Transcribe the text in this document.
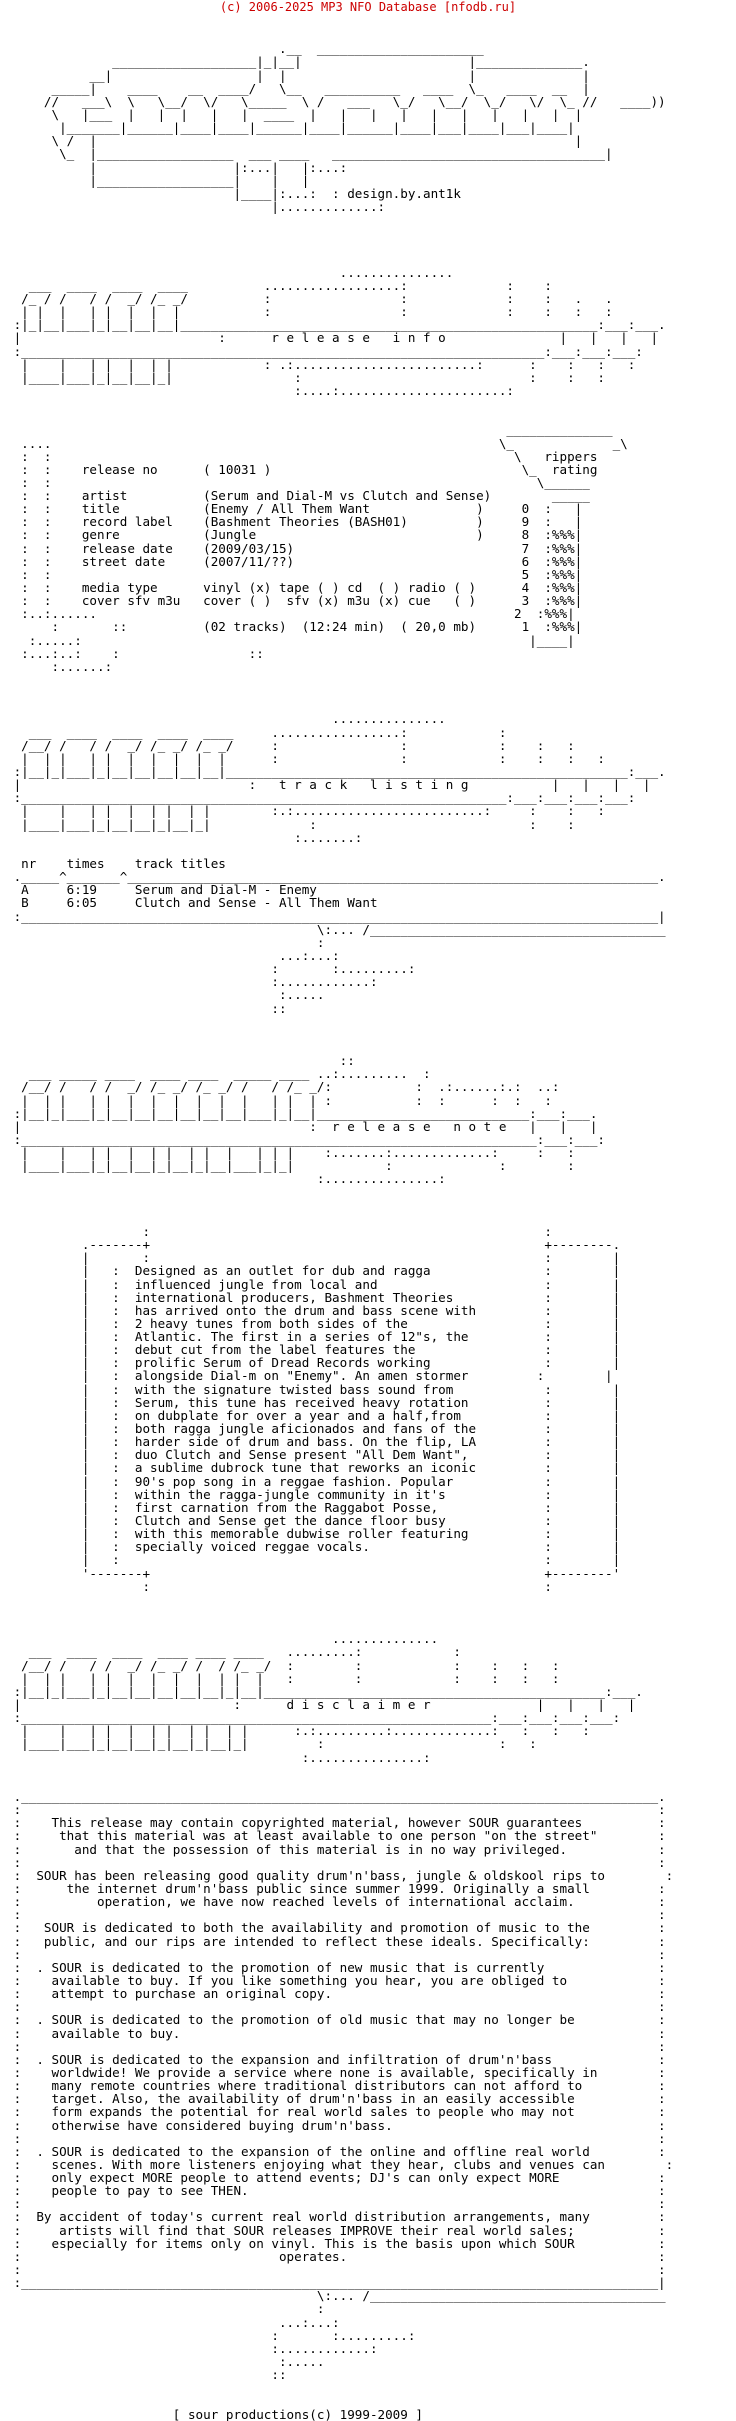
(c) 2006-2025 MP3 NFO Database [nfodb.ru]

.__  ______________________
___________________|_|__|                      |______________.
__|                   |  |                        |              |
_____|    ____    __  ____/   \__   __________   ____  \_   ____  __  |
//   ___\  \   \__/  \/   \_____  \ /   ___   \_/   \__/  \_/   \/  \_ //   ____))
\   |___  |   |  |   |   |  ____  |   |   |   |   |   |   |   |   |  |
|_______|______|____|____|______|____|______|____|___|____|___|____|
\ /  |                                                               |
\_  |__________________  ___ ____   ____________________________________|
|                  |:...|   |:...:
|__________________|    |   |
|____|:...:  : design.by.ant1k
|.............:

...............
___  ____  ____  ____          ..................:             :    :
/_ / /   / /  _/ /_ _/          :                 :             :    :   .   .
| |  |   | |  |  |  |           :                 :             :    :   :   :
:|_|__|___|_|__|__|__|_______________________________________________________:___:___.
|                          :      r e l e a s e   i n f o               |   |   |   |
:_____________________________________________________________________:___:___:___:
|    |   | |  |  | |            : .:........................:      :    :   :   :
|____|___|_|__|__|_|                :                              :    :   :
:....:......................:

______________
....                                                           \_             _\
:  :                                                             \   rippers
:  :    release no      ( 10031 )                                 \_  rating
:  :                                                                \______
:  :    artist          (Serum and Dial-M vs Clutch and Sense)        _____
:  :    title           (Enemy / All Them Want              )     0  :   |
:  :    record label    (Bashment Theories (BASH01)         )     9  :   |
:  :    genre           (Jungle                             )     8  :%%%|
:  :    release date    (2009/03/15)                              7  :%%%|
:  :    street date     (2007/11/??)                              6  :%%%|
:  :                                                              5  :%%%|
:  :    media type      vinyl (x) tape ( ) cd  ( ) radio ( )      4  :%%%|
:  :    cover sfv m3u   cover ( )  sfv (x) m3u (x) cue   ( )      3  :%%%|
:..:......                                                       2  :%%%|
:       ::          (02 tracks)  (12:24 min)  ( 20,0 mb)      1  :%%%|
:.....:                                                           |____|
:...:..:    :                 ::
:......:

...............
___  ____  ____  ____  ____     .................:            :
/__/ /   / /  _/ /_ _/ /_ _/     :                :            :    :   :
|  | |   | |  |  |  |  |  |      :                :            :    :   :   :
:|__|_|___|_|__|__|__|__|__|_____________________________________________________:___.
|                              :   t r a c k   l i s t i n g           |   |   |   |
:________________________________________________________________:___:___:___:___:
|    |   | |  |  | |  | |        :.:.........................:     :    :   :
|____|___|_|__|__|_|__|_|             :                            :    :
:.......:

nr    times    track titles
._____^_______^______________________________________________________________________.
A     6:19     Serum and Dial-M - Enemy
B     6:05     Clutch and Sense - All Them Want
:____________________________________________________________________________________|
\:... /_______________________________________
:
...:...:
:       :.........:
:............:
:.....
::

::
___ _____ ____  ____ ____  _____ ____ ..:.........  :
/__/ /   / /  _/ /_ _/ /_ _/ /   / /_ _/:           :  .:......:.:  ..:
|  | |   | |  |  |  |  |  |  |   | |  | :           :  :      :  :   :
:|__|_|___|_|__|__|__|__|__|__|___|_|__|____________________________:___:___.
|                                      :  r e l e a s e   n o t e   |   |   |
:____________________________________________________________________:___:___:
|    |   | |  |  | |  | |  |   | | |    :.......:.............:     :   :
|____|___|_|__|__|_|__|_|__|___|_|_|            :              :        :
:...............:

:                                                    :
.-------+                                                    +--------.
|       :                                                    :        |
|   :  Designed as an outlet for dub and ragga               :        |
|   :  influenced jungle from local and                      :        |
|   :  international producers, Bashment Theories            :        |
|   :  has arrived onto the drum and bass scene with         :        |
|   :  2 heavy tunes from both sides of the                  :        |
|   :  Atlantic. The first in a series of 12"s, the          :        |
|   :  debut cut from the label features the                 :        |
|   :  prolific Serum of Dread Records working               :        |
|   :  alongside Dial-m on "Enemy". An amen stormer         :        |
|   :  with the signature twisted bass sound from            :        |
|   :  Serum, this tune has received heavy rotation          :        |
|   :  on dubplate for over a year and a half,from           :        |
|   :  both ragga jungle aficionados and fans of the         :        |
|   :  harder side of drum and bass. On the flip, LA         :        |
|   :  duo Clutch and Sense present "All Dem Want",          :        |
|   :  a sublime dubrock tune that reworks an iconic         :        |
|   :  90's pop song in a reggae fashion. Popular            :        |
|   :  within the ragga-jungle community in it's             :        |
|   :  first carnation from the Raggabot Posse,              :        |
|   :  Clutch and Sense get the dance floor busy             :        |
|   :  with this memorable dubwise roller featuring          :        |
|   :  specially voiced reggae vocals.                       :        |
|   :                                                        :        |
'-------+                                                    +--------'
:                                                    :

..............
___  ____  ____  ____ ____ ____   .........:            :
/__/ /   / /  _/ /_ _/ /  / /_ _/  :        :            :    :   :   :
|  | |   | |  |  |  |  |  | |  |   :        :            :    :   :   :
:|__|_|___|_|__|__|__|__|__|_|__|_____________________________________________:___.
|                            :      d i s c l a i m e r              |   |   |   |
:______________________________________________________________:___:___:___:___:
|    |   | |  |  | |  | |  | |      :.:.........:.............:   :   :   :
|____|___|_|__|__|_|__|_|__|_|         :                       :   :
:...............:

.____________________________________________________________________________________.
:                                                                                    :
:    This release may contain copyrighted material, however SOUR guarantees          :
:     that this material was at least available to one person "on the street"        :
:       and that the possession of this material is in no way privileged.            :
:                                                                                    :
:  SOUR has been releasing good quality drum'n'bass, jungle & oldskool rips to        :
:      the internet drum'n'bass public since summer 1999. Originally a small         :
:          operation, we have now reached levels of international acclaim.           :
:                                                                                    :
:   SOUR is dedicated to both the availability and promotion of music to the         :
:   public, and our rips are intended to reflect these ideals. Specifically:         :
:                                                                                    :
:  . SOUR is dedicated to the promotion of new music that is currently               :
:    available to buy. If you like something you hear, you are obliged to            :
:    attempt to purchase an original copy.                                           :
:                                                                                    :
:  . SOUR is dedicated to the promotion of old music that may no longer be           :
:    available to buy.                                                               :
:                                                                                    :
:  . SOUR is dedicated to the expansion and infiltration of drum'n'bass              :
:    worldwide! We provide a service where none is available, specifically in        :
:    many remote countries where traditional distributors can not afford to          :
:    target. Also, the availability of drum'n'bass in an easily accessible           :
:    form expands the potential for real world sales to people who may not           :
:    otherwise have considered buying drum'n'bass.                                   :
:                                                                                    :
:  . SOUR is dedicated to the expansion of the online and offline real world         :
:    scenes. With more listeners enjoying what they hear, clubs and venues can        :
:    only expect MORE people to attend events; DJ's can only expect MORE             :
:    people to pay to see THEN.                                                      :
:                                                                                    :
:  By accident of today's current real world distribution arrangements, many         :
:     artists will find that SOUR releases IMPROVE their real world sales;           :
:    especially for items only on vinyl. This is the basis upon which SOUR           :
:                                  operates.                                         :
:                                                                                    :
:____________________________________________________________________________________|
\:... /_______________________________________
:
...:...:
:       :.........:
:............:
:.....
::

[ sour productions(c) 1999-2009 ]
